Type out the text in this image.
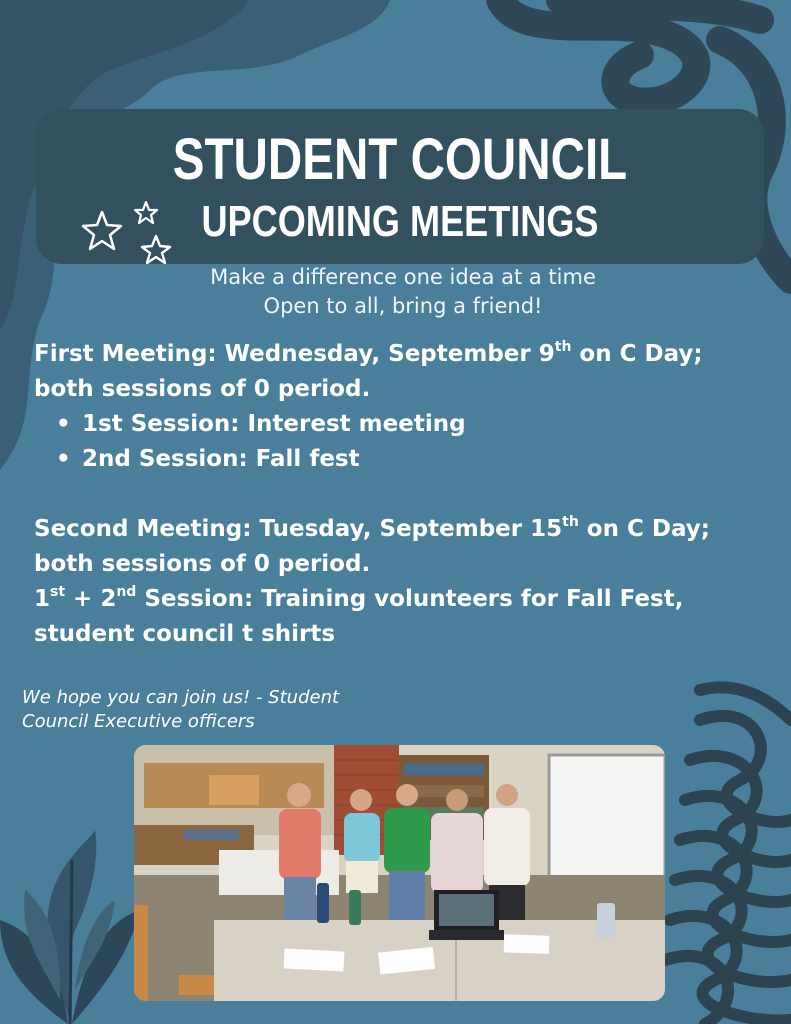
STUDENT COUNCIL
UPCOMING MEETINGS
Make a difference one idea at a time
Open to all, bring a friend!
First Meeting: Wednesday, September 9th on C Day;
both sessions of 0 period.
• 1st Session: Interest meeting
• 2nd Session: Fall fest
Second Meeting: Tuesday, September 15th on C Day;
both sessions of 0 period.
1st + 2nd Session: Training volunteers for Fall Fest,
student council t shirts
We hope you can join us! - Student
Council Executive officers
